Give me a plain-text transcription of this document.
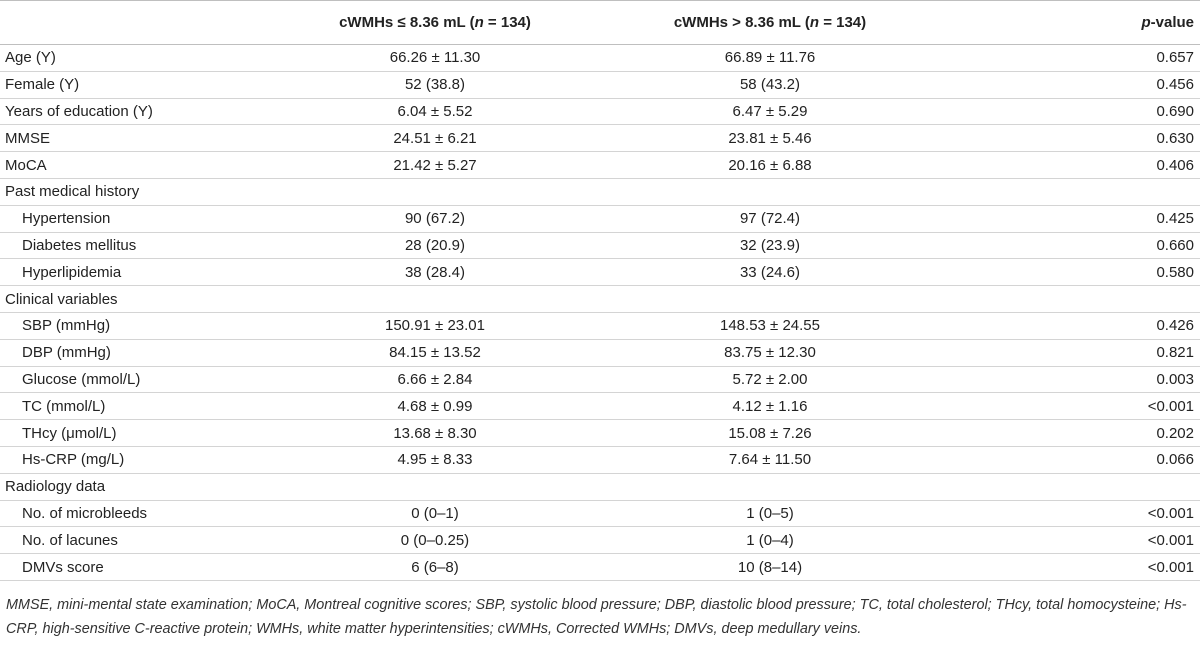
	cWMHs ≤ 8.36 mL (n = 134)	cWMHs > 8.36 mL (n = 134)	p-value
Age (Y)	66.26 ± 11.30	66.89 ± 11.76	0.657
Female (Y)	52 (38.8)	58 (43.2)	0.456
Years of education (Y)	6.04 ± 5.52	6.47 ± 5.29	0.690
MMSE	24.51 ± 6.21	23.81 ± 5.46	0.630
MoCA	21.42 ± 5.27	20.16 ± 6.88	0.406
Past medical history			
Hypertension	90 (67.2)	97 (72.4)	0.425
Diabetes mellitus	28 (20.9)	32 (23.9)	0.660
Hyperlipidemia	38 (28.4)	33 (24.6)	0.580
Clinical variables			
SBP (mmHg)	150.91 ± 23.01	148.53 ± 24.55	0.426
DBP (mmHg)	84.15 ± 13.52	83.75 ± 12.30	0.821
Glucose (mmol/L)	6.66 ± 2.84	5.72 ± 2.00	0.003
TC (mmol/L)	4.68 ± 0.99	4.12 ± 1.16	<0.001
THcy (μmol/L)	13.68 ± 8.30	15.08 ± 7.26	0.202
Hs-CRP (mg/L)	4.95 ± 8.33	7.64 ± 11.50	0.066
Radiology data			
No. of microbleeds	0 (0–1)	1 (0–5)	<0.001
No. of lacunes	0 (0–0.25)	1 (0–4)	<0.001
DMVs score	6 (6–8)	10 (8–14)	<0.001
MMSE, mini-mental state examination; MoCA, Montreal cognitive scores; SBP, systolic blood pressure; DBP, diastolic blood pressure; TC, total cholesterol; THcy, total homocysteine; Hs-CRP, high-sensitive C-reactive protein; WMHs, white matter hyperintensities; cWMHs, Corrected WMHs; DMVs, deep medullary veins.
